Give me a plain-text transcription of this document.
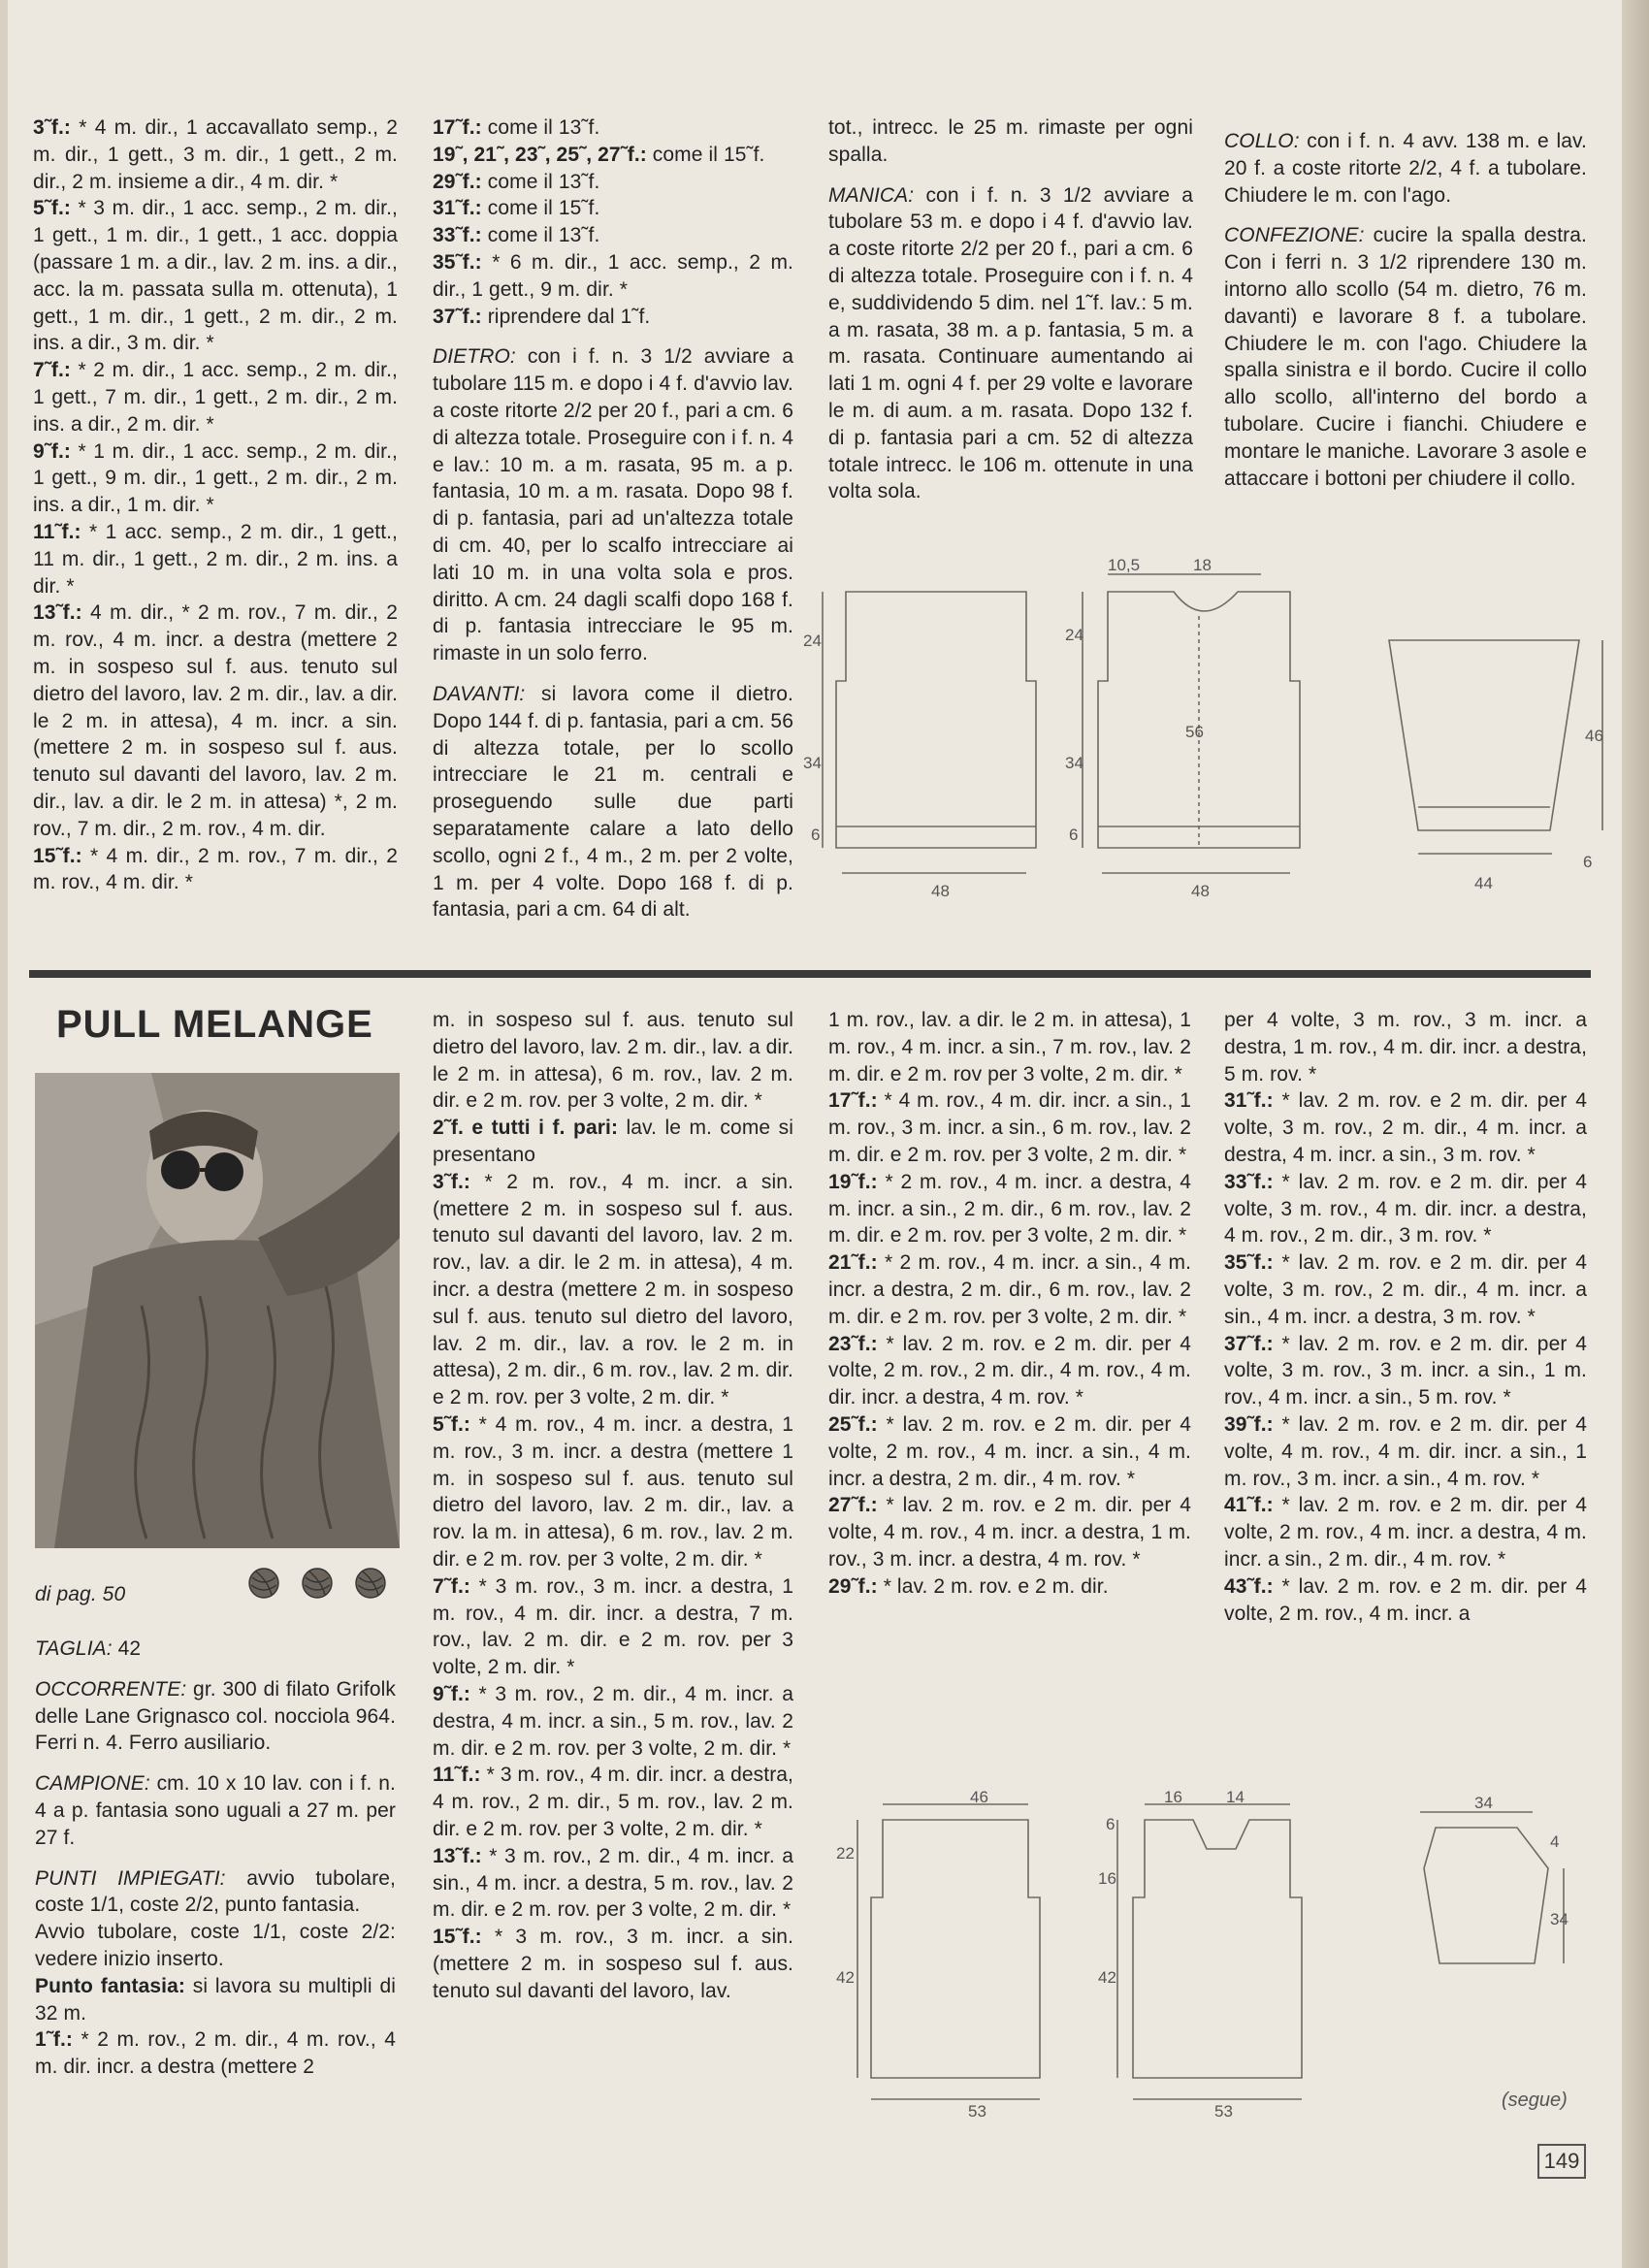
3˜f.: * 4 m. dir., 1 accavallato semp., 2 m. dir., 1 gett., 3 m. dir., 1 gett., 2 m. dir., 2 m. insieme a dir., 4 m. dir. *

5˜f.: * 3 m. dir., 1 acc. semp., 2 m. dir., 1 gett., 1 m. dir., 1 gett., 1 acc. doppia (passare 1 m. a dir., lav. 2 m. ins. a dir., acc. la m. passata sulla m. ottenuta), 1 gett., 1 m. dir., 1 gett., 2 m. dir., 2 m. ins. a dir., 3 m. dir. *

7˜f.: * 2 m. dir., 1 acc. semp., 2 m. dir., 1 gett., 7 m. dir., 1 gett., 2 m. dir., 2 m. ins. a dir., 2 m. dir. *

9˜f.: * 1 m. dir., 1 acc. semp., 2 m. dir., 1 gett., 9 m. dir., 1 gett., 2 m. dir., 2 m. ins. a dir., 1 m. dir. *

11˜f.: * 1 acc. semp., 2 m. dir., 1 gett., 11 m. dir., 1 gett., 2 m. dir., 2 m. ins. a dir. *

13˜f.: 4 m. dir., * 2 m. rov., 7 m. dir., 2 m. rov., 4 m. incr. a destra (mettere 2 m. in sospeso sul f. aus. tenuto sul dietro del lavoro, lav. 2 m. dir., lav. a dir. le 2 m. in attesa), 4 m. incr. a sin. (mettere 2 m. in sospeso sul f. aus. tenuto sul davanti del lavoro, lav. 2 m. dir., lav. a dir. le 2 m. in attesa) *, 2 m. rov., 7 m. dir., 2 m. rov., 4 m. dir.

15˜f.: * 4 m. dir., 2 m. rov., 7 m. dir., 2 m. rov., 4 m. dir. *

17˜f.: come il 13˜f.

19˜, 21˜, 23˜, 25˜, 27˜f.: come il 15˜f.

29˜f.: come il 13˜f.

31˜f.: come il 15˜f.

33˜f.: come il 13˜f.

35˜f.: * 6 m. dir., 1 acc. semp., 2 m. dir., 1 gett., 9 m. dir. *

37˜f.: riprendere dal 1˜f.

DIETRO: con i f. n. 3 1/2 avviare a tubolare 115 m. e dopo i 4 f. d'avvio lav. a coste ritorte 2/2 per 20 f., pari a cm. 6 di altezza totale. Proseguire con i f. n. 4 e lav.: 10 m. a m. rasata, 95 m. a p. fantasia, 10 m. a m. rasata. Dopo 98 f. di p. fantasia, pari ad un'altezza totale di cm. 40, per lo scalfo intrecciare ai lati 10 m. in una volta sola e pros. diritto. A cm. 24 dagli scalfi dopo 168 f. di p. fantasia intrecciare le 95 m. rimaste in un solo ferro.

DAVANTI: si lavora come il dietro. Dopo 144 f. di p. fantasia, pari a cm. 56 di altezza totale, per lo scollo intrecciare le 21 m. centrali e proseguendo sulle due parti separatamente calare a lato dello scollo, ogni 2 f., 4 m., 2 m. per 2 volte, 1 m. per 4 volte. Dopo 168 f. di p. fantasia, pari a cm. 64 di alt.

tot., intrecc. le 25 m. rimaste per ogni spalla.

MANICA: con i f. n. 3 1/2 avviare a tubolare 53 m. e dopo i 4 f. d'avvio lav. a coste ritorte 2/2 per 20 f., pari a cm. 6 di altezza totale. Proseguire con i f. n. 4 e, suddividendo 5 dim. nel 1˜f. lav.: 5 m. a m. rasata, 38 m. a p. fantasia, 5 m. a m. rasata. Continuare aumentando ai lati 1 m. ogni 4 f. per 29 volte e lavorare le m. di aum. a m. rasata. Dopo 132 f. di p. fantasia pari a cm. 52 di altezza totale intrecc. le 106 m. ottenute in una volta sola.

COLLO: con i f. n. 4 avv. 138 m. e lav. 20 f. a coste ritorte 2/2, 4 f. a tubolare. Chiudere le m. con l'ago.

CONFEZIONE: cucire la spalla destra. Con i ferri n. 3 1/2 riprendere 130 m. intorno allo scollo (54 m. dietro, 76 m. davanti) e lavorare 8 f. a tubolare. Chiudere le m. con l'ago. Chiudere la spalla sinistra e il bordo. Cucire il collo allo scollo, all'interno del bordo a tubolare. Cucire i fianchi. Chiudere e montare le maniche. Lavorare 3 asole e attaccare i bottoni per chiudere il collo.

48
24
34
6
10,5	18
24
56
34
6
48
46
6
44
PULL MELANGE

di pag. 50

TAGLIA: 42

OCCORRENTE: gr. 300 di filato Grifolk delle Lane Grignasco col. nocciola 964. Ferri n. 4. Ferro ausiliario.

CAMPIONE: cm. 10 x 10 lav. con i f. n. 4 a p. fantasia sono uguali a 27 m. per 27 f.

PUNTI IMPIEGATI: avvio tubolare, coste 1/1, coste 2/2, punto fantasia.

Avvio tubolare, coste 1/1, coste 2/2: vedere inizio inserto.

Punto fantasia: si lavora su multipli di 32 m.

1˜f.: * 2 m. rov., 2 m. dir., 4 m. rov., 4 m. dir. incr. a destra (mettere 2

m. in sospeso sul f. aus. tenuto sul dietro del lavoro, lav. 2 m. dir., lav. a dir. le 2 m. in attesa), 6 m. rov., lav. 2 m. dir. e 2 m. rov. per 3 volte, 2 m. dir. *

2˜f. e tutti i f. pari: lav. le m. come si presentano

3˜f.: * 2 m. rov., 4 m. incr. a sin. (mettere 2 m. in sospeso sul f. aus. tenuto sul davanti del lavoro, lav. 2 m. rov., lav. a dir. le 2 m. in attesa), 4 m. incr. a destra (mettere 2 m. in sospeso sul f. aus. tenuto sul dietro del lavoro, lav. 2 m. dir., lav. a rov. le 2 m. in attesa), 2 m. dir., 6 m. rov., lav. 2 m. dir. e 2 m. rov. per 3 volte, 2 m. dir. *

5˜f.: * 4 m. rov., 4 m. incr. a destra, 1 m. rov., 3 m. incr. a destra (mettere 1 m. in sospeso sul f. aus. tenuto sul dietro del lavoro, lav. 2 m. dir., lav. a rov. la m. in attesa), 6 m. rov., lav. 2 m. dir. e 2 m. rov. per 3 volte, 2 m. dir. *

7˜f.: * 3 m. rov., 3 m. incr. a destra, 1 m. rov., 4 m. dir. incr. a destra, 7 m. rov., lav. 2 m. dir. e 2 m. rov. per 3 volte, 2 m. dir. *

9˜f.: * 3 m. rov., 2 m. dir., 4 m. incr. a destra, 4 m. incr. a sin., 5 m. rov., lav. 2 m. dir. e 2 m. rov. per 3 volte, 2 m. dir. *

11˜f.: * 3 m. rov., 4 m. dir. incr. a destra, 4 m. rov., 2 m. dir., 5 m. rov., lav. 2 m. dir. e 2 m. rov. per 3 volte, 2 m. dir. *

13˜f.: * 3 m. rov., 2 m. dir., 4 m. incr. a sin., 4 m. incr. a destra, 5 m. rov., lav. 2 m. dir. e 2 m. rov. per 3 volte, 2 m. dir. *

15˜f.: * 3 m. rov., 3 m. incr. a sin. (mettere 2 m. in sospeso sul f. aus. tenuto sul davanti del lavoro, lav.

1 m. rov., lav. a dir. le 2 m. in attesa), 1 m. rov., 4 m. incr. a sin., 7 m. rov., lav. 2 m. dir. e 2 m. rov per 3 volte, 2 m. dir. *

17˜f.: * 4 m. rov., 4 m. dir. incr. a sin., 1 m. rov., 3 m. incr. a sin., 6 m. rov., lav. 2 m. dir. e 2 m. rov. per 3 volte, 2 m. dir. *

19˜f.: * 2 m. rov., 4 m. incr. a destra, 4 m. incr. a sin., 2 m. dir., 6 m. rov., lav. 2 m. dir. e 2 m. rov. per 3 volte, 2 m. dir. *

21˜f.: * 2 m. rov., 4 m. incr. a sin., 4 m. incr. a destra, 2 m. dir., 6 m. rov., lav. 2 m. dir. e 2 m. rov. per 3 volte, 2 m. dir. *

23˜f.: * lav. 2 m. rov. e 2 m. dir. per 4 volte, 2 m. rov., 2 m. dir., 4 m. rov., 4 m. dir. incr. a destra, 4 m. rov. *

25˜f.: * lav. 2 m. rov. e 2 m. dir. per 4 volte, 2 m. rov., 4 m. incr. a sin., 4 m. incr. a destra, 2 m. dir., 4 m. rov. *

27˜f.: * lav. 2 m. rov. e 2 m. dir. per 4 volte, 4 m. rov., 4 m. incr. a destra, 1 m. rov., 3 m. incr. a destra, 4 m. rov. *

29˜f.: * lav. 2 m. rov. e 2 m. dir.

per 4 volte, 3 m. rov., 3 m. incr. a destra, 1 m. rov., 4 m. dir. incr. a destra, 5 m. rov. *

31˜f.: * lav. 2 m. rov. e 2 m. dir. per 4 volte, 3 m. rov., 2 m. dir., 4 m. incr. a destra, 4 m. incr. a sin., 3 m. rov. *

33˜f.: * lav. 2 m. rov. e 2 m. dir. per 4 volte, 3 m. rov., 4 m. dir. incr. a destra, 4 m. rov., 2 m. dir., 3 m. rov. *

35˜f.: * lav. 2 m. rov. e 2 m. dir. per 4 volte, 3 m. rov., 2 m. dir., 4 m. incr. a sin., 4 m. incr. a destra, 3 m. rov. *

37˜f.: * lav. 2 m. rov. e 2 m. dir. per 4 volte, 3 m. rov., 3 m. incr. a sin., 1 m. rov., 4 m. incr. a sin., 5 m. rov. *

39˜f.: * lav. 2 m. rov. e 2 m. dir. per 4 volte, 4 m. rov., 4 m. dir. incr. a sin., 1 m. rov., 3 m. incr. a sin., 4 m. rov. *

41˜f.: * lav. 2 m. rov. e 2 m. dir. per 4 volte, 2 m. rov., 4 m. incr. a destra, 4 m. incr. a sin., 2 m. dir., 4 m. rov. *

43˜f.: * lav. 2 m. rov. e 2 m. dir. per 4 volte, 2 m. rov., 4 m. incr. a

46
22
42
53
16	14
6
16
42
53
34
4
34
(segue)
149
